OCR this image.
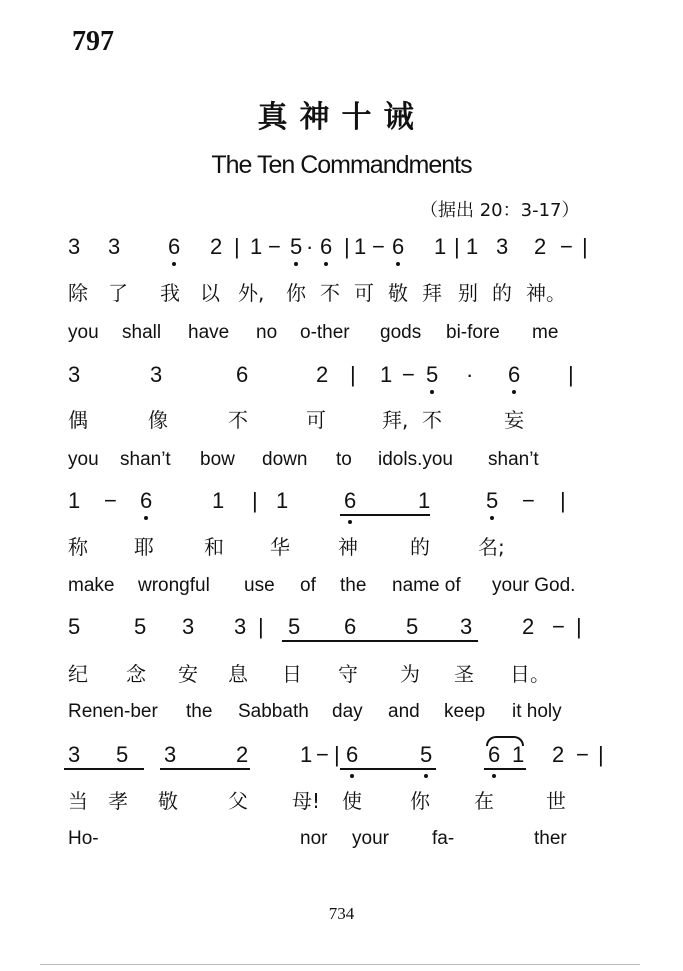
797
真神十诫
The Ten Commandments
（据出 20：3-17）
3 3 6 2 | 1 − 5 · 6 | 1 − 6 1 | 1 3 2 − |
除 了 我 以 外, 你 不 可 敬 拜 别 的 神。
you shall have no o-ther gods bi-fore me
3	3	6	2 | 1 − 5 · 6 |
偶	像	不	可	拜, 不	妄
you shan’t bow down to idols.you shan’t
1 − 6	1 | 1	6	1	5 − |
称 耶	和 华 神	的 名;
make wrongful use of the name of your God.
5 5 3 3 | 5 6 5 3 2 − |
纪 念 安 息 日 守 为 圣 日。
Renen-ber the Sabbath day and keep it holy
3 5 3	2 1 − | 6	5	6 1 2 − |
当 孝 敬	父 母! 使 你 在	世
Ho-	nor your fa-	ther
734
